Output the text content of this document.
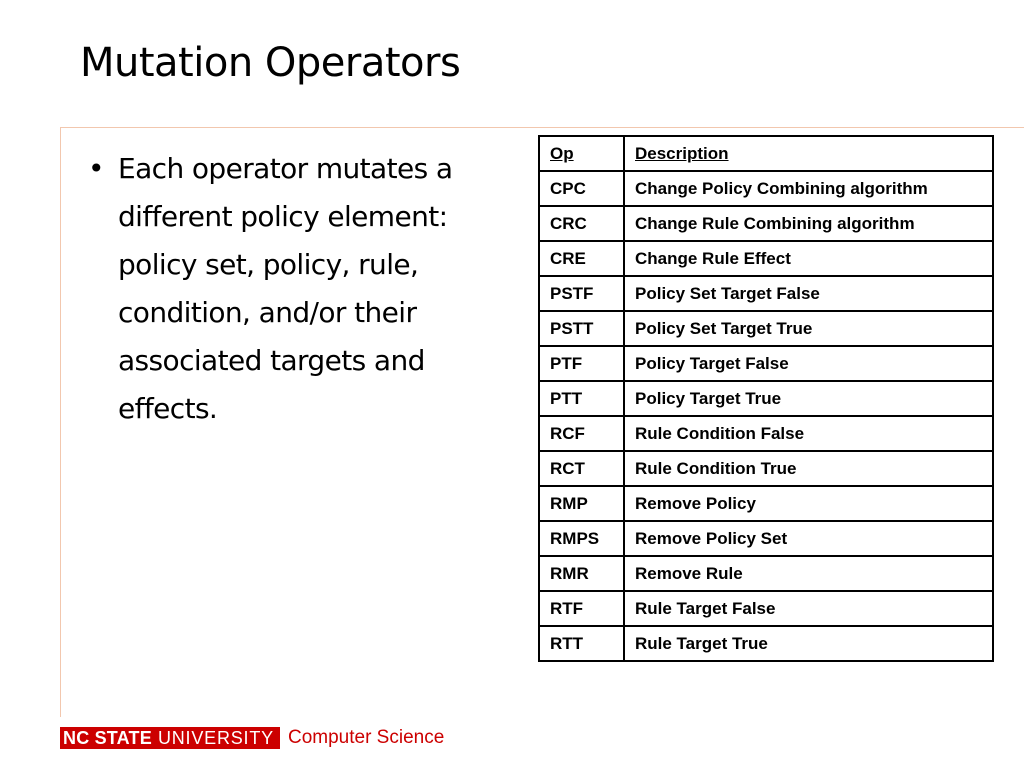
Mutation Operators
• Each operator mutates a different policy element: policy set, policy, rule, condition, and/or their associated targets and effects.
Op	Description
CPC	Change Policy Combining algorithm
CRC	Change Rule Combining algorithm
CRE	Change Rule Effect
PSTF	Policy Set Target False
PSTT	Policy Set Target True
PTF	Policy Target False
PTT	Policy Target True
RCF	Rule Condition False
RCT	Rule Condition True
RMP	Remove Policy
RMPS	Remove Policy Set
RMR	Remove Rule
RTF	Rule Target False
RTT	Rule Target True
NC STATE UNIVERSITY Computer Science
